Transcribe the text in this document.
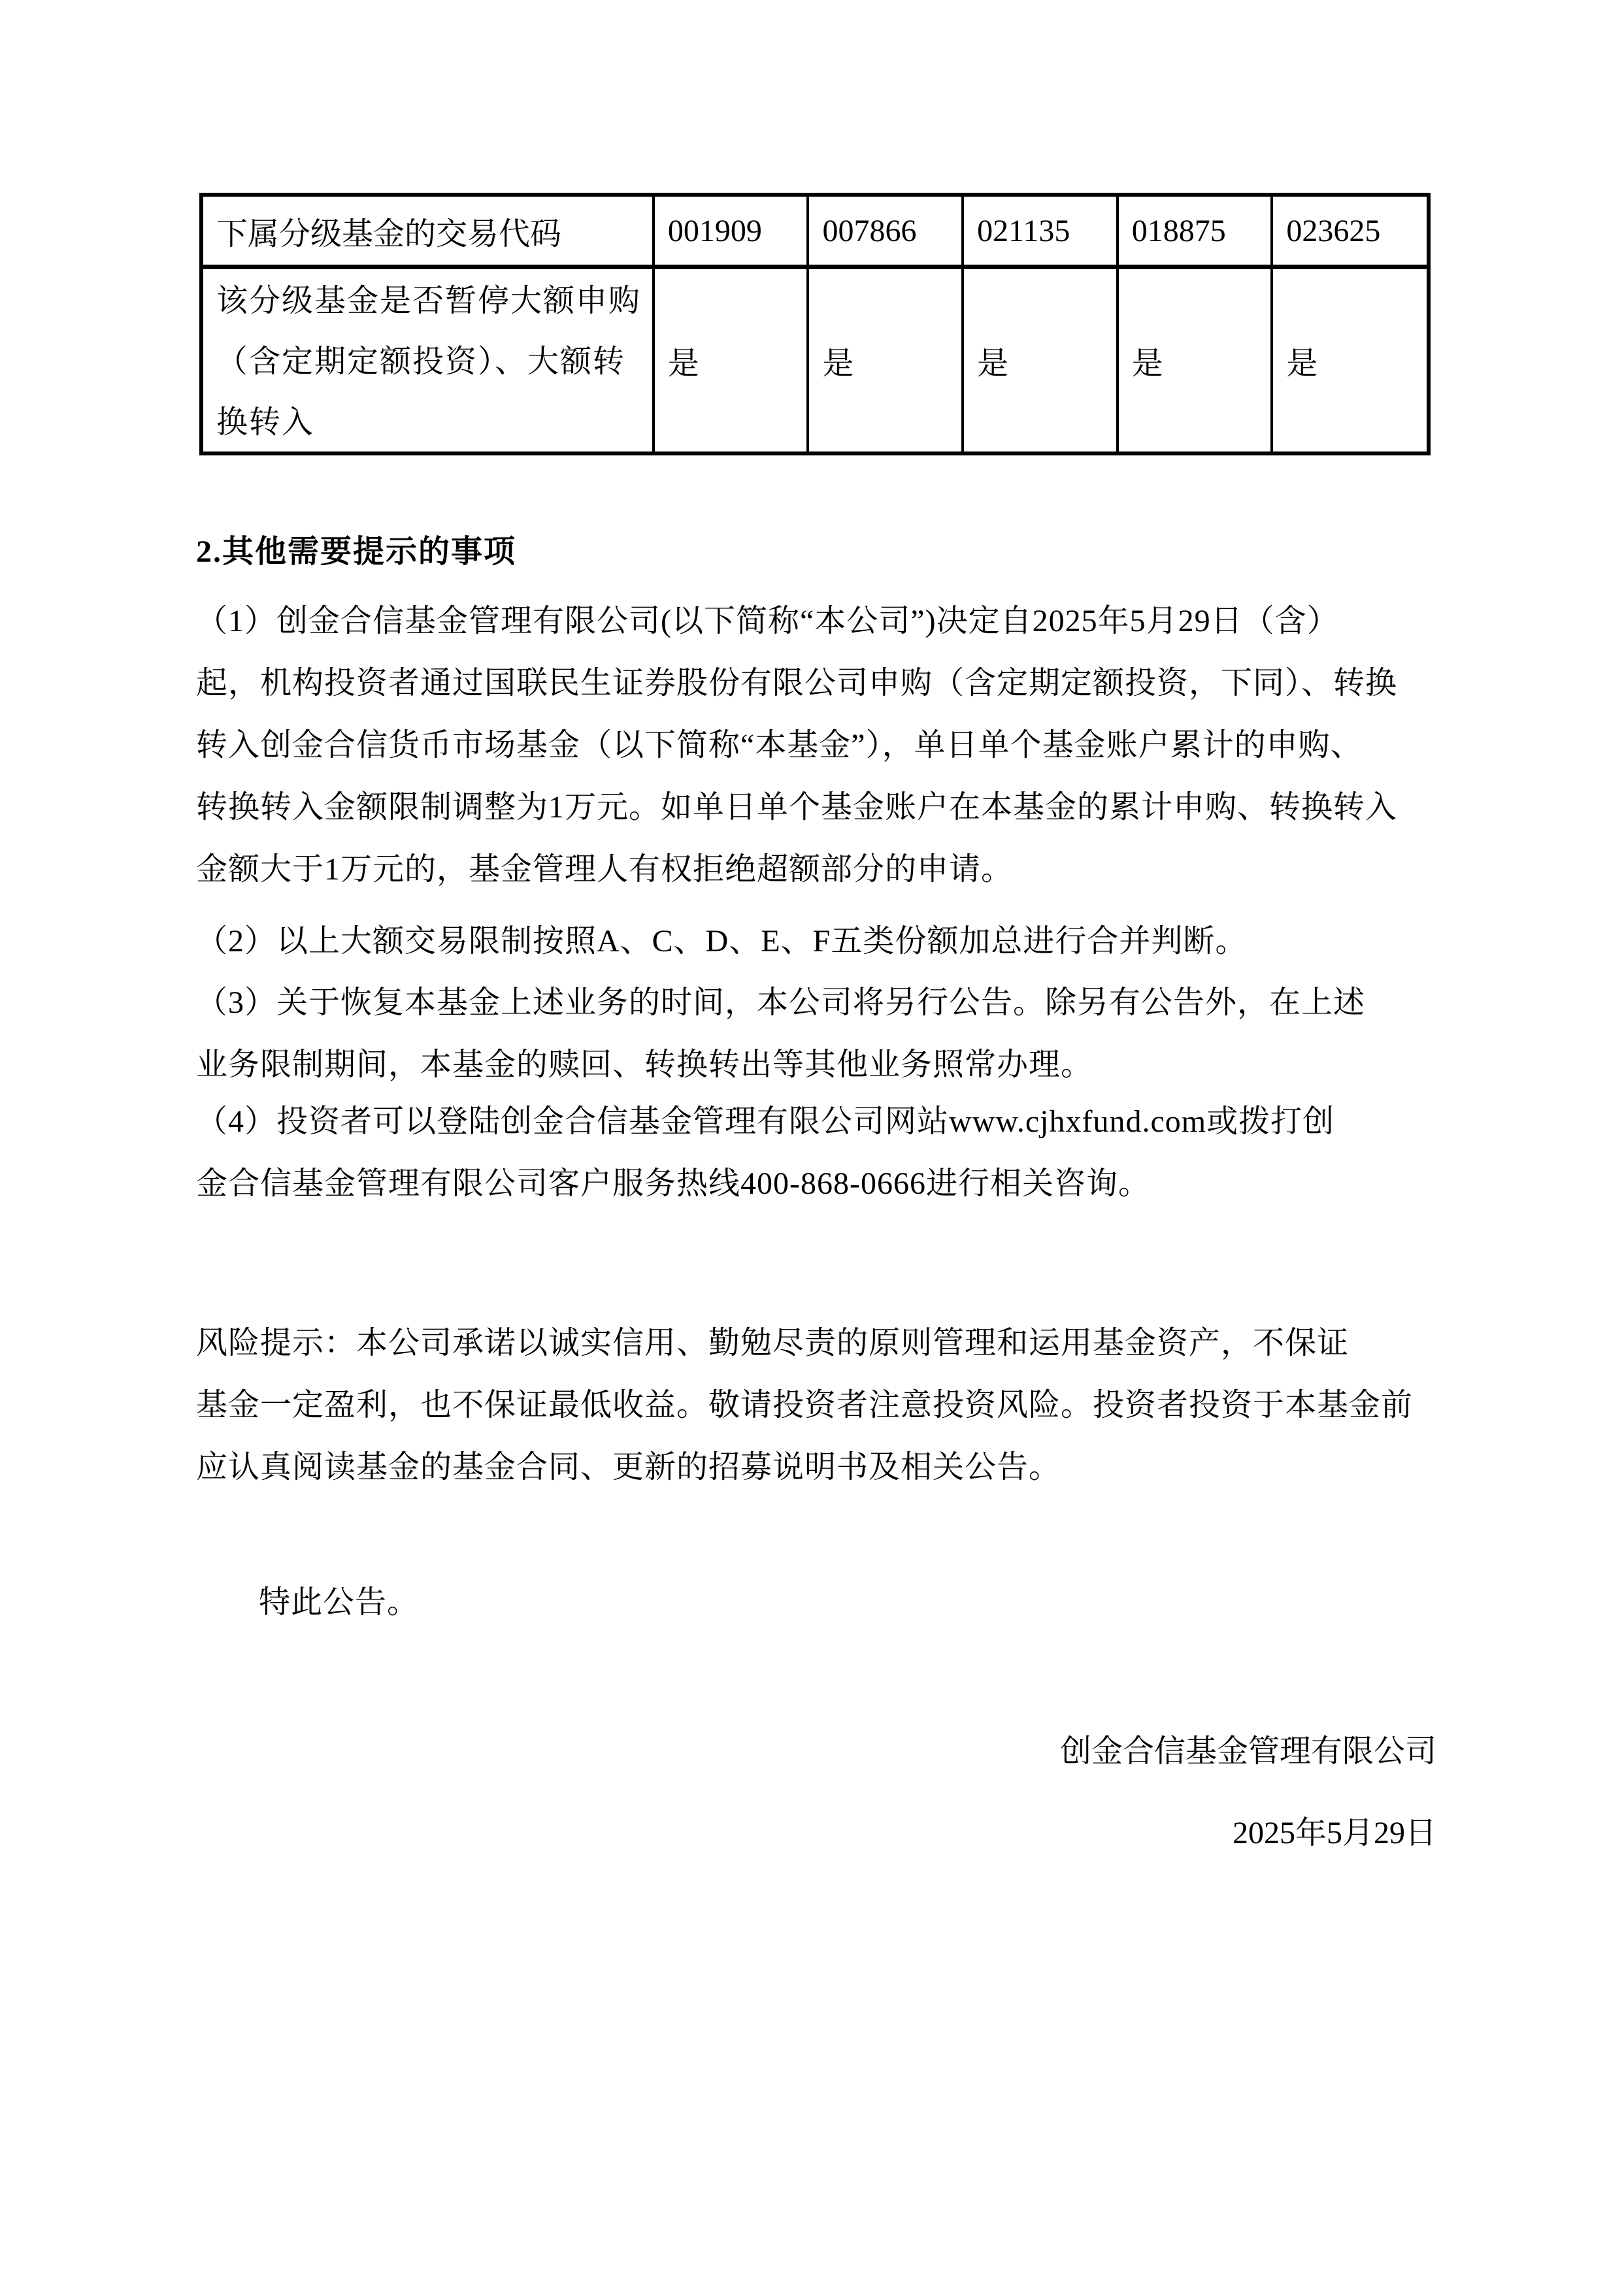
下属分级基金的交易代码	001909	007866	021135	018875	023625
该分级基金是否暂停大额申购
（含定期定额投资）、大额转
换转入
是	是	是	是	是
2.其他需要提示的事项
（1）创金合信基金管理有限公司(以下简称“本公司”)决定自2025年5月29日（含）
起，机构投资者通过国联民生证券股份有限公司申购（含定期定额投资，下同）、转换
转入创金合信货币市场基金（以下简称“本基金”），单日单个基金账户累计的申购、
转换转入金额限制调整为1万元。如单日单个基金账户在本基金的累计申购、转换转入
金额大于1万元的，基金管理人有权拒绝超额部分的申请。
（2）以上大额交易限制按照A、C、D、E、F五类份额加总进行合并判断。
（3）关于恢复本基金上述业务的时间，本公司将另行公告。除另有公告外，在上述
业务限制期间，本基金的赎回、转换转出等其他业务照常办理。
（4）投资者可以登陆创金合信基金管理有限公司网站www.cjhxfund.com或拨打创
金合信基金管理有限公司客户服务热线400-868-0666进行相关咨询。
风险提示：本公司承诺以诚实信用、勤勉尽责的原则管理和运用基金资产，不保证
基金一定盈利，也不保证最低收益。敬请投资者注意投资风险。投资者投资于本基金前
应认真阅读基金的基金合同、更新的招募说明书及相关公告。
特此公告。
创金合信基金管理有限公司
2025年5月29日
